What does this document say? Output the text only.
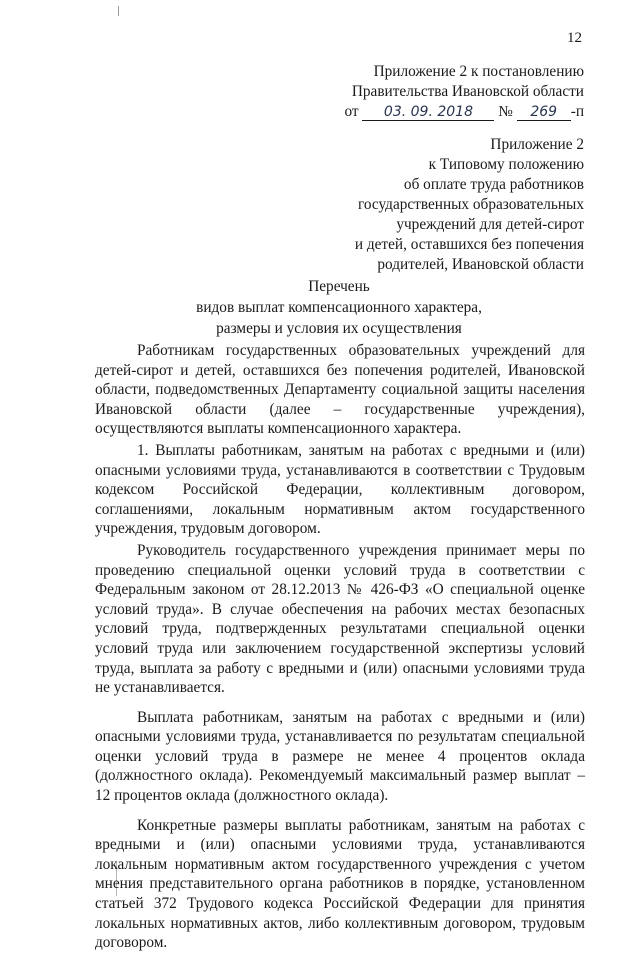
12
Приложение 2 к постановлению
Правительства Ивановской области
от 03. 09. 2018 № 269 -п
Приложение 2
к Типовому положению
об оплате труда работников
государственных образовательных
учреждений для детей-сирот
и детей, оставшихся без попечения
родителей, Ивановской области
Перечень
видов выплат компенсационного характера,
размеры и условия их осуществления

Работникам государственных образовательных учреждений для детей-сирот и детей, оставшихся без попечения родителей, Ивановской области, подведомственных Департаменту социальной защиты населения Ивановской области (далее – государственные учреждения), осуществляются выплаты компенсационного характера.

1. Выплаты работникам, занятым на работах с вредными и (или) опасными условиями труда, устанавливаются в соответствии с Трудовым кодексом Российской Федерации, коллективным договором, соглашениями, локальным нормативным актом государственного учреждения, трудовым договором.

Руководитель государственного учреждения принимает меры по проведению специальной оценки условий труда в соответствии с Федеральным законом от 28.12.2013 № 426-ФЗ «О специальной оценке условий труда». В случае обеспечения на рабочих местах безопасных условий труда, подтвержденных результатами специальной оценки условий труда или заключением государственной экспертизы условий труда, выплата за работу с вредными и (или) опасными условиями труда не устанавливается.

Выплата работникам, занятым на работах с вредными и (или) опасными условиями труда, устанавливается по результатам специальной оценки условий труда в размере не менее 4 процентов оклада (должностного оклада). Рекомендуемый максимальный размер выплат – 12 процентов оклада (должностного оклада).

Конкретные размеры выплаты работникам, занятым на работах с вредными и (или) опасными условиями труда, устанавливаются локальным нормативным актом государственного учреждения с учетом мнения представительного органа работников в порядке, установленном статьей 372 Трудового кодекса Российской Федерации для принятия локальных нормативных актов, либо коллективным договором, трудовым договором.
